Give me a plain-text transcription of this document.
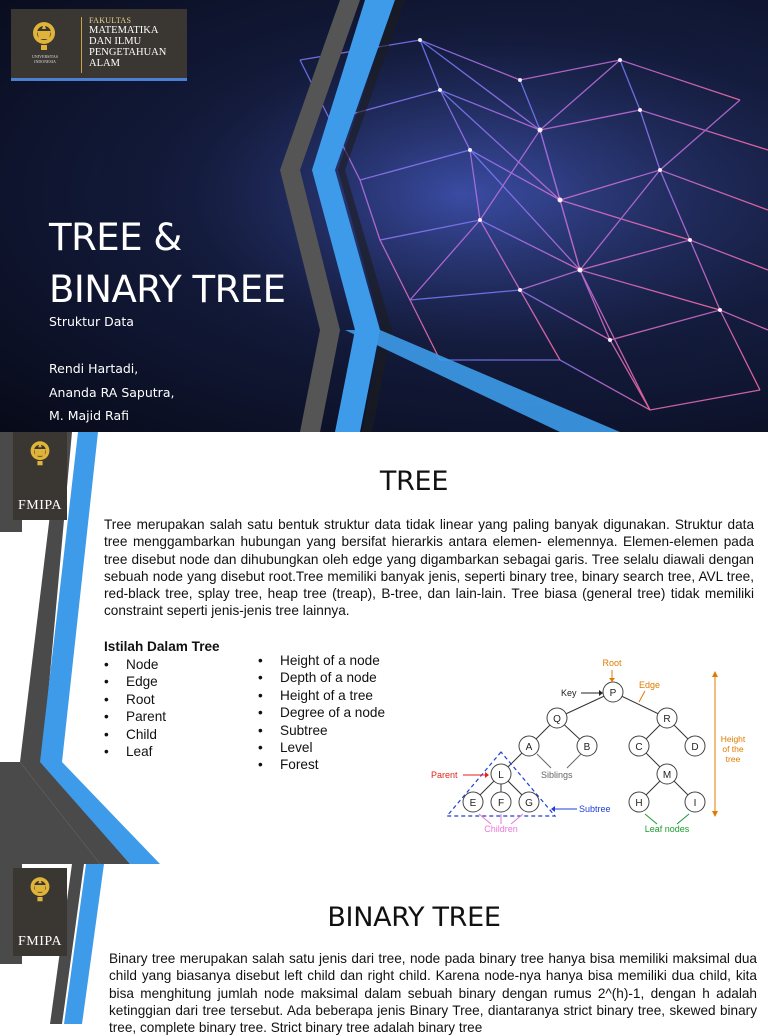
UNIVERSITAS INDONESIA
FAKULTAS
MATEMATIKA
DAN ILMU
PENGETAHUAN
ALAM
TREE &
BINARY TREE
Struktur Data
Rendi Hartadi,
Ananda RA Saputra,
M. Majid Rafi
FMIPA
TREE

Tree merupakan salah satu bentuk struktur data tidak linear yang paling banyak digunakan. Struktur data tree menggambarkan hubungan yang bersifat hierarkis antara elemen- elemennya. Elemen-elemen pada tree disebut node dan dihubungkan oleh edge yang digambarkan sebagai garis. Tree selalu diawali dengan sebuah node yang disebut root.Tree memiliki banyak jenis, seperti binary tree, binary search tree, AVL tree, red-black tree, splay tree, heap tree (treap), B-tree, dan lain-lain. Tree biasa (general tree) tidak memiliki constraint seperti jenis-jenis tree lainnya.

Istilah Dalam Tree
• Node
• Edge
• Root
• Parent
• Child
• Leaf
• Height of a node
• Depth of a node
• Height of a tree
• Degree of a node
• Subtree
• Level
• Forest
P
Q	R
A	B	C	D
L	M
E F G	H	I
Root
Key
Edge
Height
of the
tree
Parent	Siblings
Subtree
Children	Leaf nodes
FMIPA
BINARY TREE

Binary tree merupakan salah satu jenis dari tree, node pada binary tree hanya bisa memiliki maksimal dua child yang biasanya disebut left child dan right child. Karena node-nya hanya bisa memiliki dua child, kita bisa menghitung jumlah node maksimal dalam sebuah binary dengan rumus 2^(h)-1, dengan h adalah ketinggian dari tree tersebut. Ada beberapa jenis Binary Tree, diantaranya strict binary tree, skewed binary tree, complete binary tree. Strict binary tree adalah binary tree
